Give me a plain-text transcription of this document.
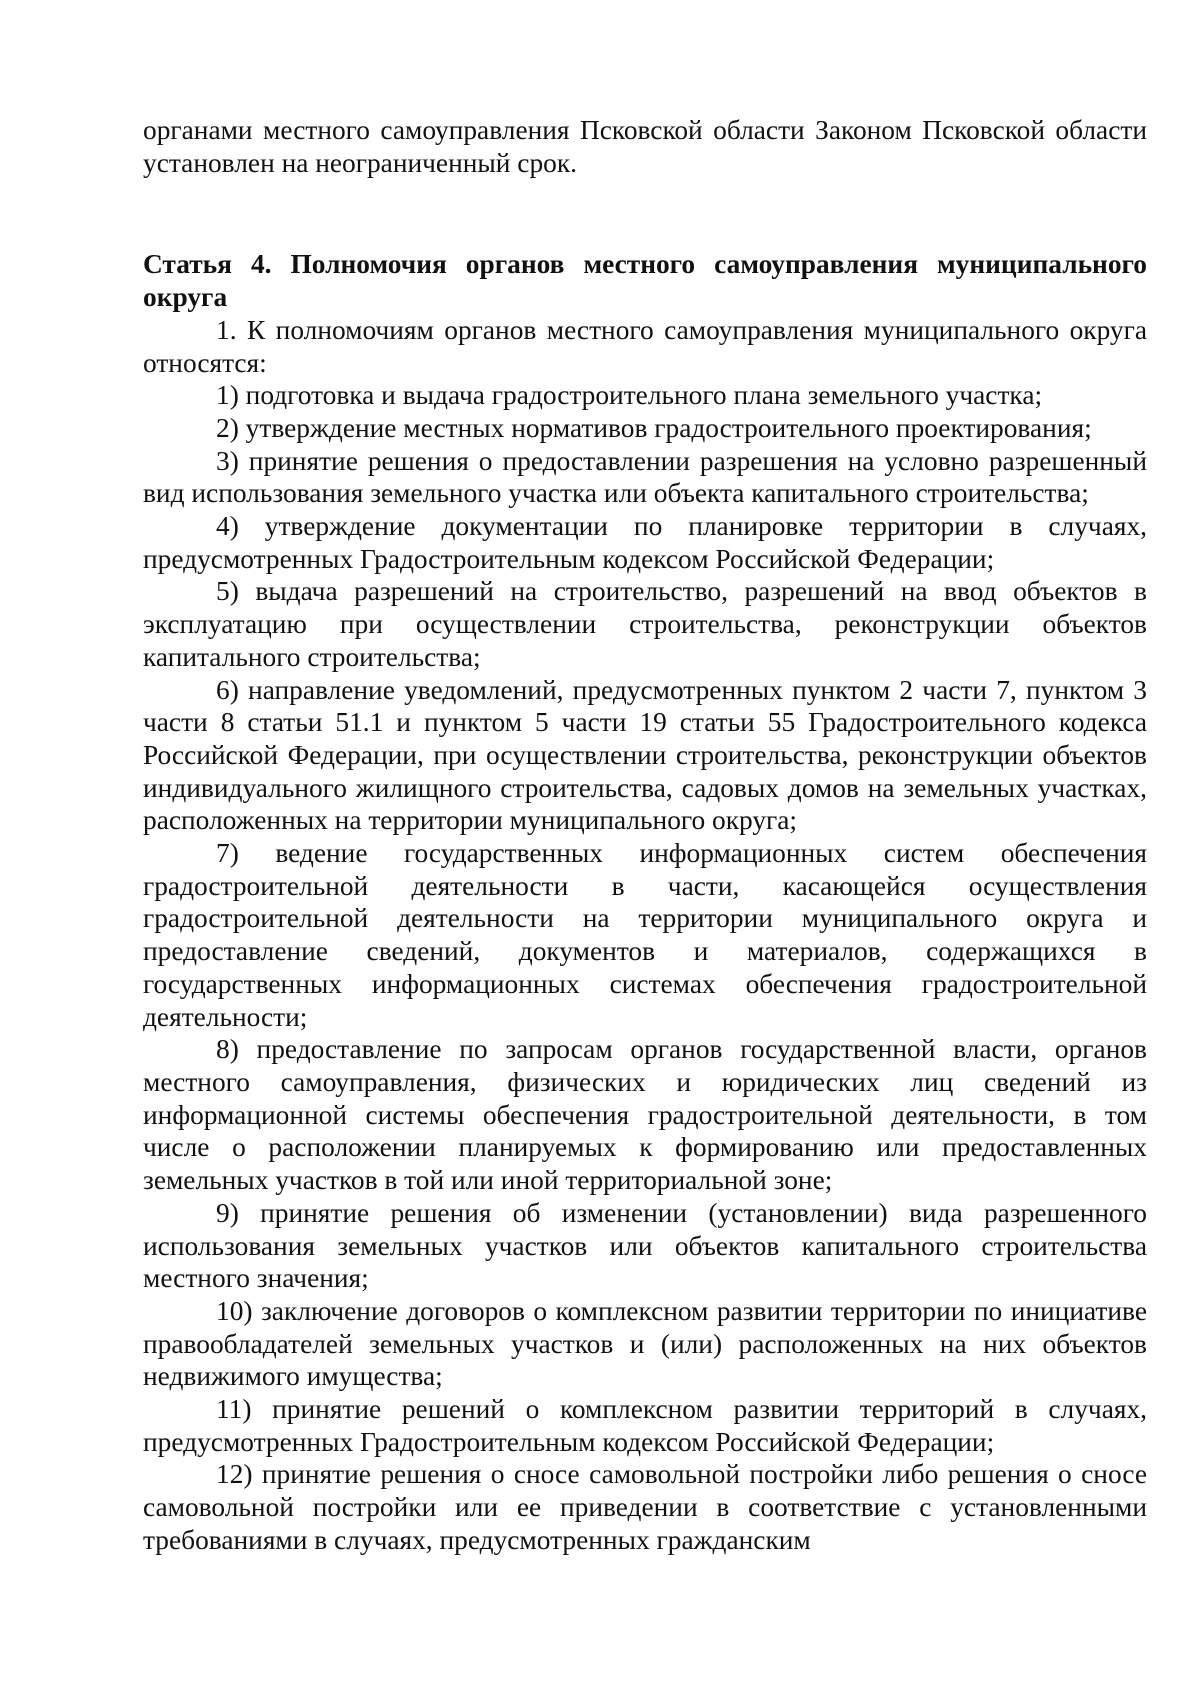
органами местного самоуправления Псковской области Законом Псковской области установлен на неограниченный срок.

Статья 4. Полномочия органов местного самоуправления муниципального округа

1. К полномочиям органов местного самоуправления муниципального округа относятся:

1) подготовка и выдача градостроительного плана земельного участка;

2) утверждение местных нормативов градостроительного проектирования;

3) принятие решения о предоставлении разрешения на условно разрешенный вид использования земельного участка или объекта капитального строительства;

4) утверждение документации по планировке территории в случаях, предусмотренных Градостроительным кодексом Российской Федерации;

5) выдача разрешений на строительство, разрешений на ввод объектов в эксплуатацию при осуществлении строительства, реконструкции объектов капитального строительства;

6) направление уведомлений, предусмотренных пунктом 2 части 7, пунктом 3 части 8 статьи 51.1 и пунктом 5 части 19 статьи 55 Градостроительного кодекса Российской Федерации, при осуществлении строительства, реконструкции объектов индивидуального жилищного строительства, садовых домов на земельных участках, расположенных на территории муниципального округа;

7) ведение государственных информационных систем обеспечения градостроительной деятельности в части, касающейся осуществления градостроительной деятельности на территории муниципального округа и предоставление сведений, документов и материалов, содержащихся в государственных информационных системах обеспечения градостроительной деятельности;

8) предоставление по запросам органов государственной власти, органов местного самоуправления, физических и юридических лиц сведений из информационной системы обеспечения градостроительной деятельности, в том числе о расположении планируемых к формированию или предоставленных земельных участков в той или иной территориальной зоне;

9) принятие решения об изменении (установлении) вида разрешенного использования земельных участков или объектов капитального строительства местного значения;

10) заключение договоров о комплексном развитии территории по инициативе правообладателей земельных участков и (или) расположенных на них объектов недвижимого имущества;

11) принятие решений о комплексном развитии территорий в случаях, предусмотренных Градостроительным кодексом Российской Федерации;

12) принятие решения о сносе самовольной постройки либо решения о сносе самовольной постройки или ее приведении в соответствие с установленными требованиями в случаях, предусмотренных гражданским
